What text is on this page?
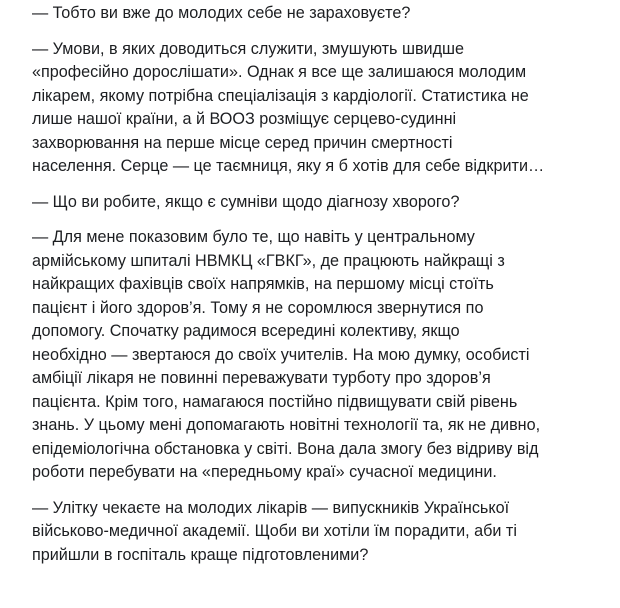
— Тобто ви вже до молодих себе не зараховуєте?

— Умови, в яких доводиться служити, змушують швидше
«професійно дорослішати». Однак я все ще залишаюся молодим
лікарем, якому потрібна спеціалізація з кардіології. Статистика не
лише нашої країни, а й ВООЗ розміщує серцево-судинні
захворювання на перше місце серед причин смертності
населення. Серце — це таємниця, яку я б хотів для себе відкрити…

— Що ви робите, якщо є сумніви щодо діагнозу хворого?

— Для мене показовим було те, що навіть у центральному
армійському шпиталі НВМКЦ «ГВКГ», де працюють найкращі з
найкращих фахівців своїх напрямків, на першому місці стоїть
пацієнт і його здоров’я. Тому я не соромлюся звернутися по
допомогу. Спочатку радимося всередині колективу, якщо
необхідно — звертаюся до своїх учителів. На мою думку, особисті
амбіції лікаря не повинні переважувати турботу про здоров’я
пацієнта. Крім того, намагаюся постійно підвищувати свій рівень
знань. У цьому мені допомагають новітні технології та, як не дивно,
епідеміологічна обстановка у світі. Вона дала змогу без відриву від
роботи перебувати на «передньому краї» сучасної медицини.

— Улітку чекаєте на молодих лікарів — випускників Української
військово-медичної академії. Щоби ви хотіли їм порадити, аби ті
прийшли в госпіталь краще підготовленими?
